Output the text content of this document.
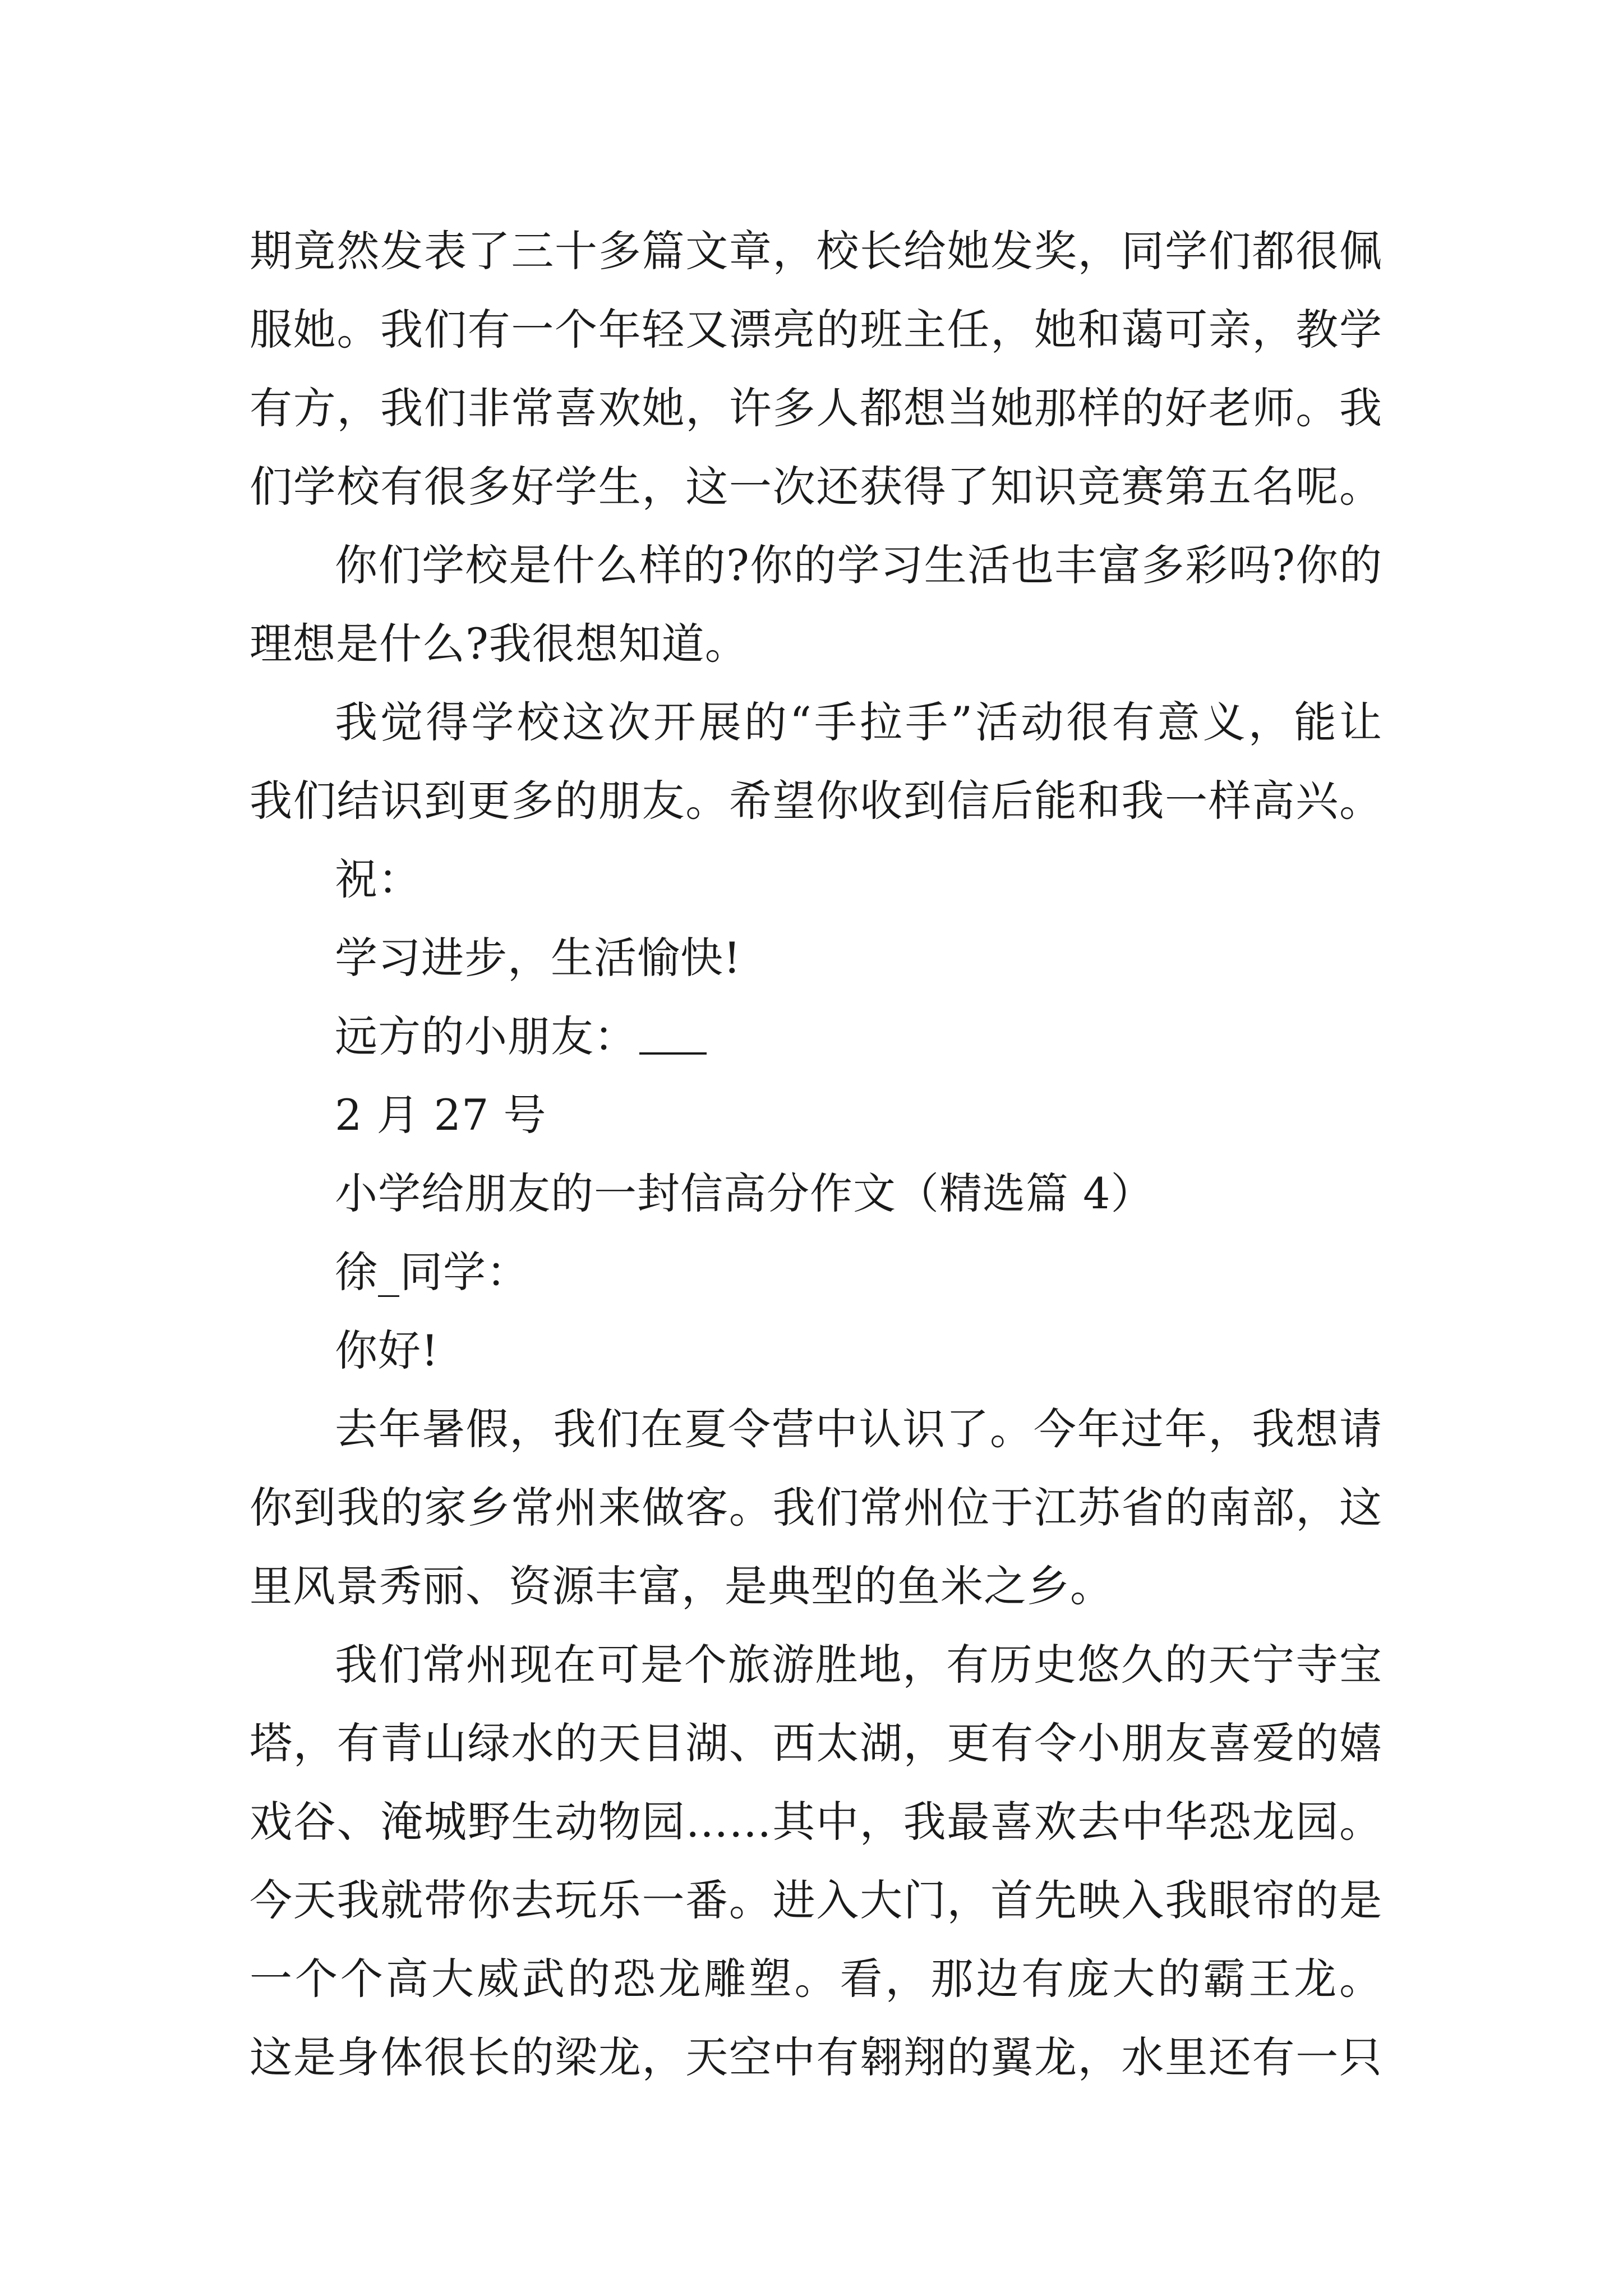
期竟然发表了三十多篇文章，校长给她发奖，同学们都很佩
服她。我们有一个年轻又漂亮的班主任，她和蔼可亲，教学
有方，我们非常喜欢她，许多人都想当她那样的好老师。我
们学校有很多好学生，这一次还获得了知识竞赛第五名呢。
你们学校是什么样的?你的学习生活也丰富多彩吗?你的
理想是什么?我很想知道。
我觉得学校这次开展的“手拉手”活动很有意义，能让
我们结识到更多的朋友。希望你收到信后能和我一样高兴。
祝：
学习进步，生活愉快!
远方的小朋友：
2 月 27 号
小学给朋友的一封信高分作文（精选篇 4）
徐_同学：
你好!
去年暑假，我们在夏令营中认识了。今年过年，我想请
你到我的家乡常州来做客。我们常州位于江苏省的南部，这
里风景秀丽、资源丰富，是典型的鱼米之乡。
我们常州现在可是个旅游胜地，有历史悠久的天宁寺宝
塔，有青山绿水的天目湖、西太湖，更有令小朋友喜爱的嬉
戏谷、淹城野生动物园……其中，我最喜欢去中华恐龙园。
今天我就带你去玩乐一番。进入大门，首先映入我眼帘的是
一个个高大威武的恐龙雕塑。看，那边有庞大的霸王龙。
这是身体很长的梁龙，天空中有翱翔的翼龙，水里还有一只
